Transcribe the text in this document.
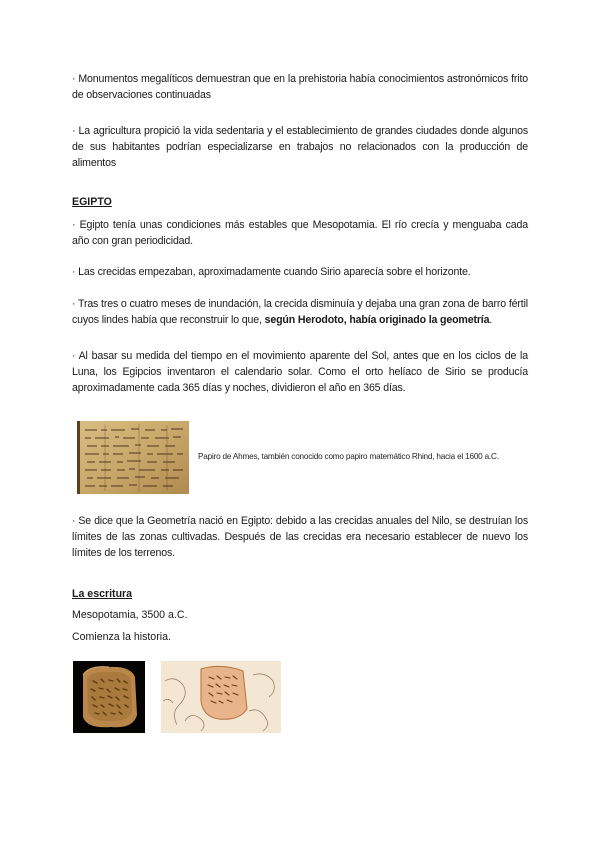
· Monumentos megalíticos demuestran que en la prehistoria había conocimientos astronómicos frito de observaciones continuadas

· La agricultura propició la vida sedentaria y el establecimiento de grandes ciudades donde algunos de sus habitantes podrían especializarse en trabajos no relacionados con la producción de alimentos

EGIPTO

· Egipto tenía unas condiciones más estables que Mesopotamia. El río crecía y menguaba cada año con gran periodicidad.

· Las crecidas empezaban, aproximadamente cuando Sirio aparecía sobre el horizonte.

· Tras tres o cuatro meses de inundación, la crecida disminuía y dejaba una gran zona de barro fértil cuyos lindes había que reconstruir lo que, según Herodoto, había originado la geometría.

· Al basar su medida del tiempo en el movimiento aparente del Sol, antes que en los ciclos de la Luna, los Egipcios inventaron el calendario solar. Como el orto helíaco de Sirio se producía aproximadamente cada 365 días y noches, dividieron el año en 365 días.

Papiro de Ahmes, también conocido como papiro matemático Rhind, hacia el 1600 a.C.

· Se dice que la Geometría nació en Egipto: debido a las crecidas anuales del Nilo, se destruían los límites de las zonas cultivadas. Después de las crecidas era necesario establecer de nuevo los límites de los terrenos.

La escritura

Mesopotamia, 3500 a.C.

Comienza la historia.
